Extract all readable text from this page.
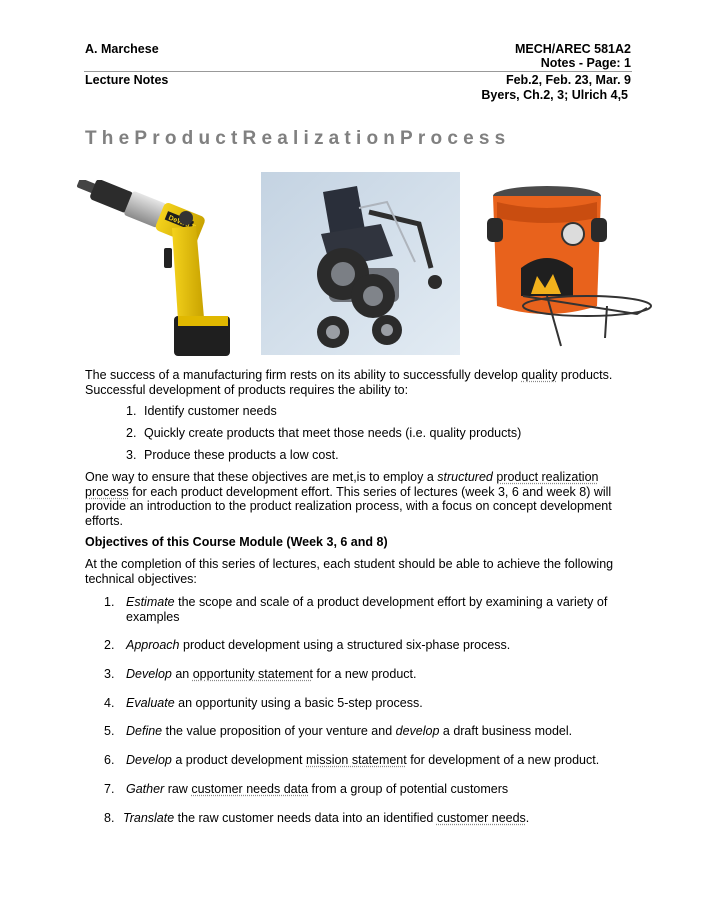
A. Marchese	MECH/AREC 581A2
Notes - Page: 1
Lecture Notes	Feb.2, Feb. 23, Mar. 9
Byers, Ch.2, 3; Ulrich 4,5
TheProductRealizationProcess
The success of a manufacturing firm rests on its ability to successfully develop quality products. Successful development of products requires the ability to:
1. Identify customer needs
2. Quickly create products that meet those needs (i.e. quality products)
3. Produce these products a low cost.
One way to ensure that these objectives are met,is to employ a structured product realization process for each product development effort. This series of lectures (week 3, 6 and week 8) will provide an introduction to the product realization process, with a focus on concept development efforts.
Objectives of this Course Module (Week 3, 6 and 8)
At the completion of this series of lectures, each student should be able to achieve the following technical objectives:
1. Estimate the scope and scale of a product development effort by examining a variety of
examples
2. Approach product development using a structured six-phase process.
3. Develop an opportunity statement for a new product.
4. Evaluate an opportunity using a basic 5-step process.
5. Define the value proposition of your venture and develop a draft business model.
6. Develop a product development mission statement for development of a new product.
7. Gather raw customer needs data from a group of potential customers
8. Translate the raw customer needs data into an identified customer needs.
